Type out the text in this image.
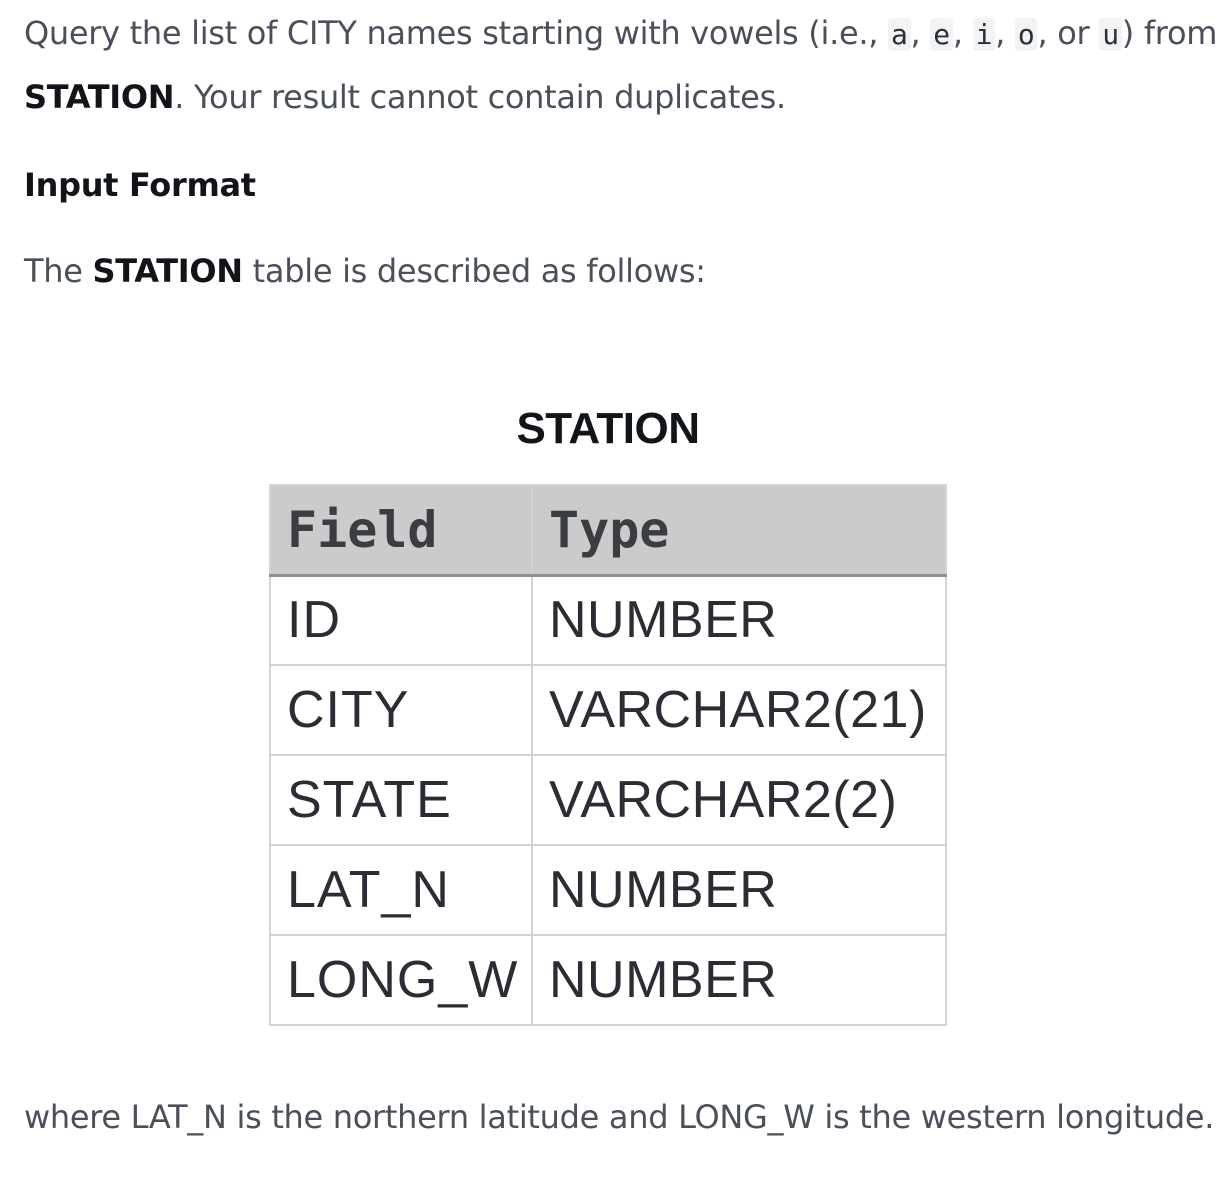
Query the list of CITY names starting with vowels (i.e., a, e, i, o, or u) from

STATION. Your result cannot contain duplicates.

Input Format

The STATION table is described as follows:

STATION
Field	Type
ID	NUMBER
CITY	VARCHAR2(21)
STATE	VARCHAR2(2)
LAT_N	NUMBER
LONG_W	NUMBER

where LAT_N is the northern latitude and LONG_W is the western longitude.
